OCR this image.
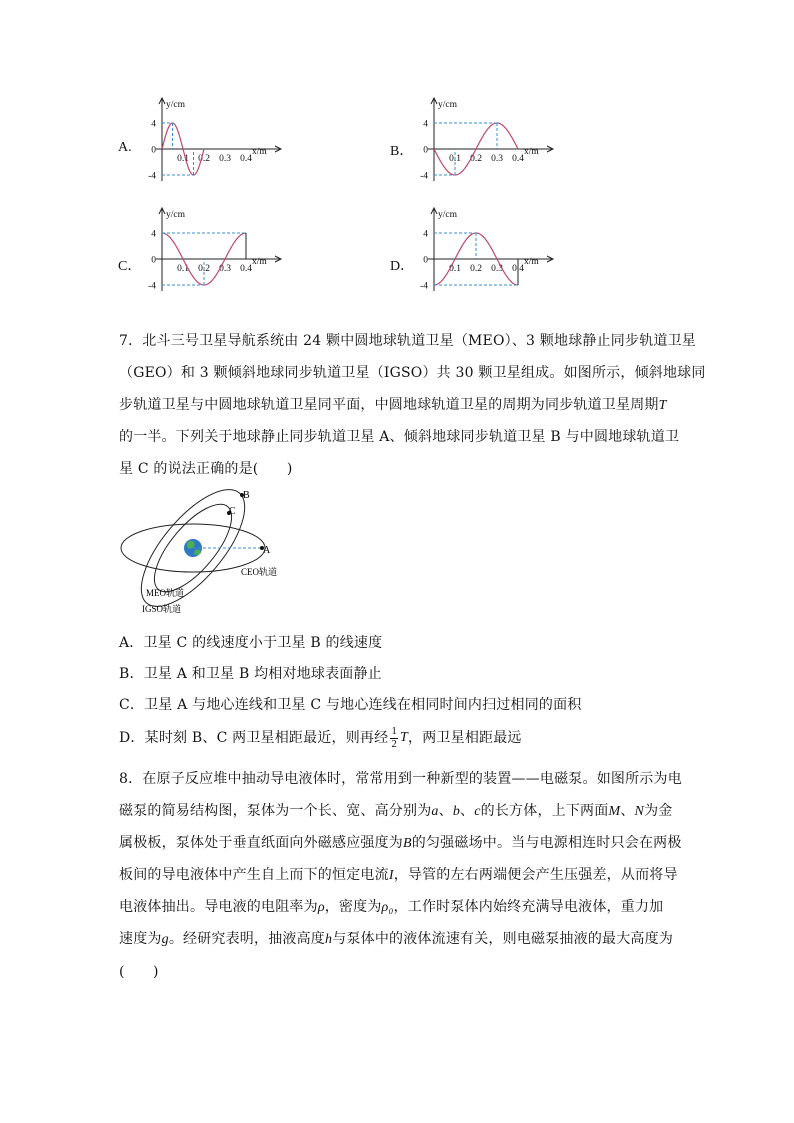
A.
y/cm
x/m
4
0
-4
0.1 0.2 0.3 0.4	B．
y/cm
x/m
4
0
-4
0.1 0.2 0.3 0.4
C．
y/cm
x/m
4
0
-4
0.1 0.2 0.3 0.4	D．
y/cm
x/m
4
0
-4
0.1 0.2 0.3 0.4
7．北斗三号卫星导航系统由 24 颗中圆地球轨道卫星（MEO）、3 颗地球静止同步轨道卫星
（GEO）和 3 颗倾斜地球同步轨道卫星（IGSO）共 30 颗卫星组成。如图所示，倾斜地球同
步轨道卫星与中圆地球轨道卫星同平面，中圆地球轨道卫星的周期为同步轨道卫星周期T
的一半。下列关于地球静止同步轨道卫星 A、倾斜地球同步轨道卫星 B 与中圆地球轨道卫
星 C 的说法正确的是(　　)
A
B
C
CEO轨道
MEO轨道
IGSO轨道
A．卫星 C 的线速度小于卫星 B 的线速度
B．卫星 A 和卫星 B 均相对地球表面静止
C．卫星 A 与地心连线和卫星 C 与地心连线在相同时间内扫过相同的面积
D．某时刻 B、C 两卫星相距最近，则再经 $\frac{1}{2}$ T ，两卫星相距最远
8．在原子反应堆中抽动导电液体时，常常用到一种新型的装置——电磁泵。如图所示为电
磁泵的简易结构图，泵体为一个长、宽、高分别为a、b、c的长方体，上下两面M、N为金
属极板，泵体处于垂直纸面向外磁感应强度为B的匀强磁场中。当与电源相连时只会在两极
板间的导电液体中产生自上而下的恒定电流I，导管的左右两端便会产生压强差，从而将导
电液体抽出。导电液的电阻率为ρ，密度为ρ₀，工作时泵体内始终充满导电液体，重力加
速度为g。经研究表明，抽液高度h与泵体中的液体流速有关，则电磁泵抽液的最大高度为
(　　)
